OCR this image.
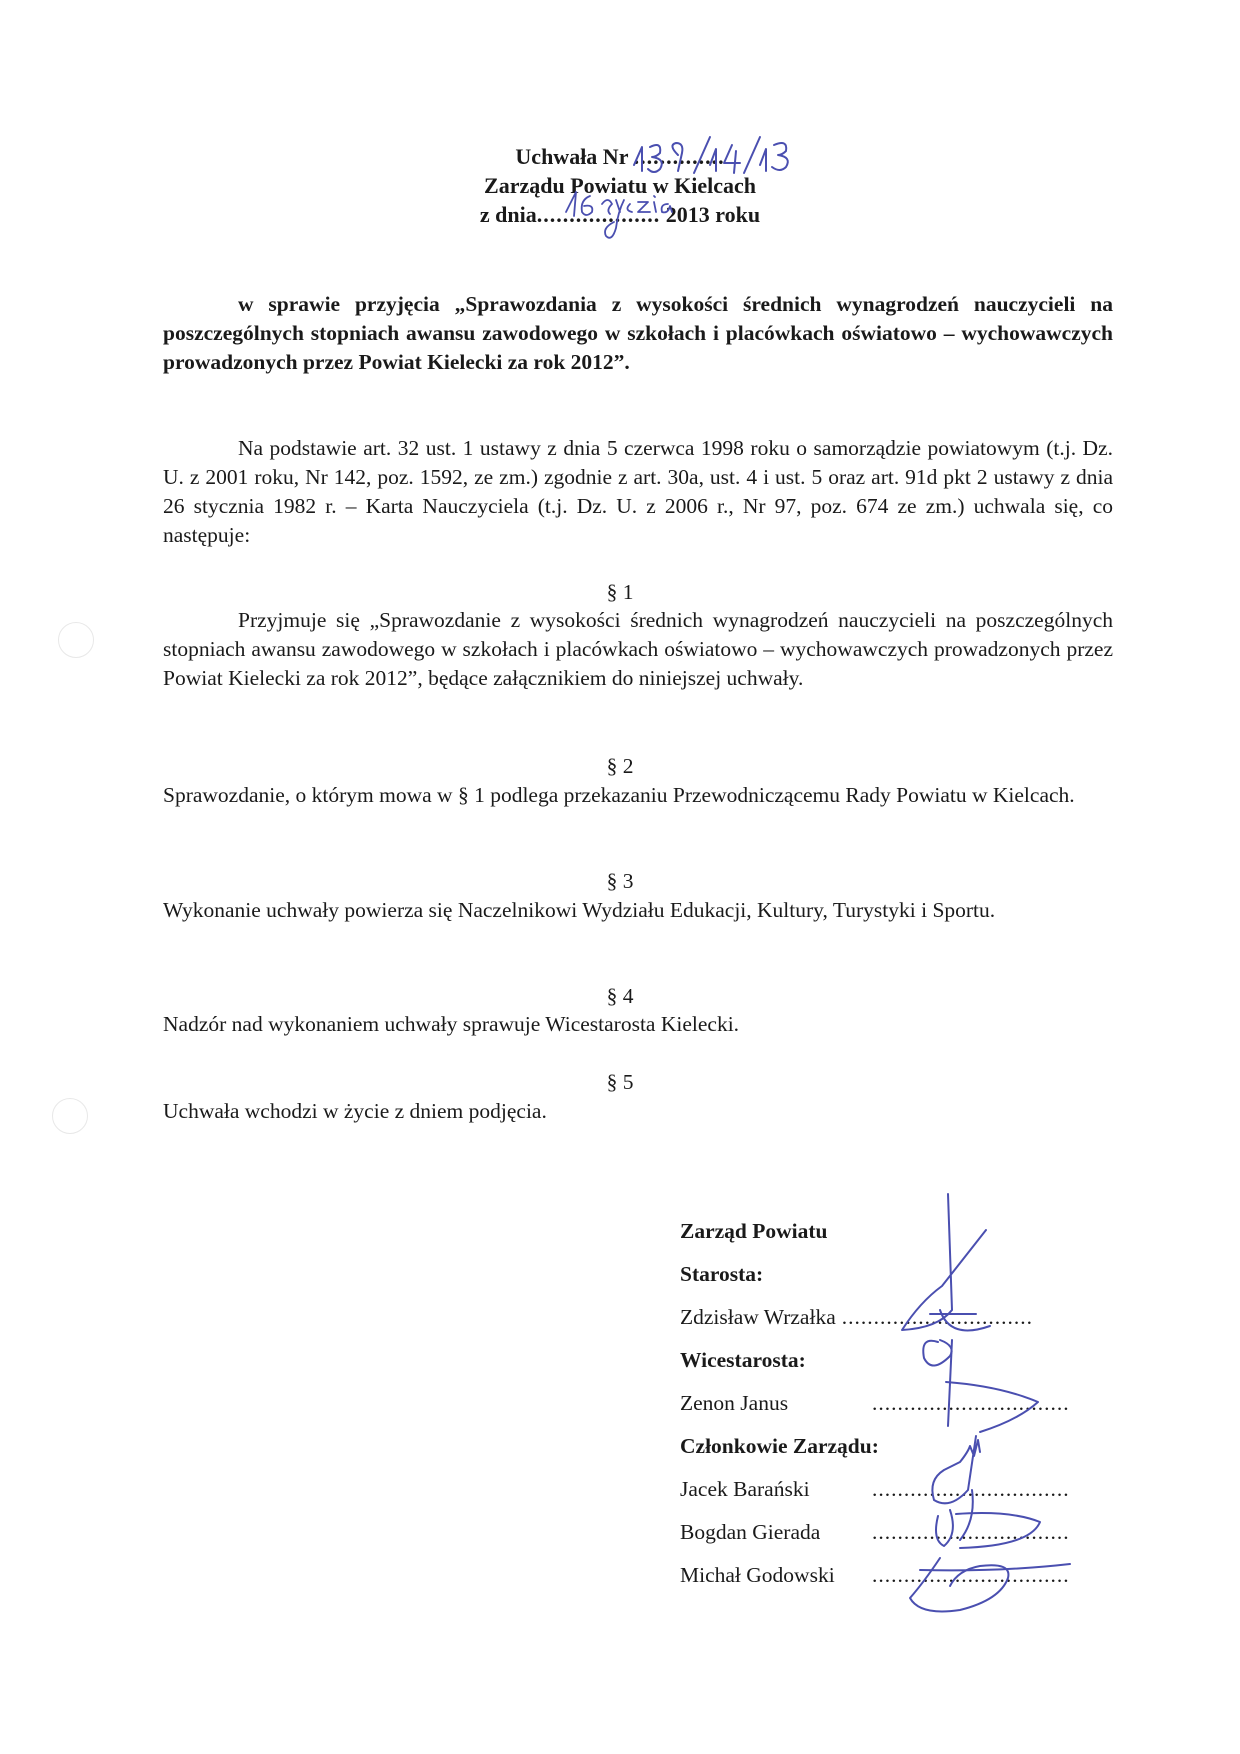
Uchwała Nr ..............
Zarządu Powiatu w Kielcach
z dnia................... 2013 roku
w sprawie przyjęcia „Sprawozdania z wysokości średnich wynagrodzeń nauczycieli na poszczególnych stopniach awansu zawodowego w szkołach i placówkach oświatowo – wychowawczych prowadzonych przez Powiat Kielecki za rok 2012”.
Na podstawie art. 32 ust. 1 ustawy z dnia 5 czerwca 1998 roku o samorządzie powiatowym (t.j. Dz. U. z 2001 roku, Nr 142, poz. 1592, ze zm.) zgodnie z art. 30a, ust. 4 i ust. 5 oraz art. 91d pkt 2 ustawy z dnia 26 stycznia 1982 r. – Karta Nauczyciela (t.j. Dz. U. z 2006 r., Nr 97, poz. 674 ze zm.) uchwala się, co następuje:
§ 1
Przyjmuje się „Sprawozdanie z wysokości średnich wynagrodzeń nauczycieli na poszczególnych stopniach awansu zawodowego w szkołach i placówkach oświatowo – wychowawczych prowadzonych przez Powiat Kielecki za rok 2012”, będące załącznikiem do niniejszej uchwały.
§ 2
Sprawozdanie, o którym mowa w § 1 podlega przekazaniu Przewodniczącemu Rady Powiatu w Kielcach.
§ 3
Wykonanie uchwały powierza się Naczelnikowi Wydziału Edukacji, Kultury, Turystyki i Sportu.
§ 4
Nadzór nad wykonaniem uchwały sprawuje Wicestarosta Kielecki.
§ 5
Uchwała wchodzi w życie z dniem podjęcia.
Zarząd Powiatu
Starosta:
Zdzisław Wrzałka ..............................
Wicestarosta:
Zenon Janus	...............................
Członkowie Zarządu:
Jacek Barański	...............................
Bogdan Gierada	...............................
Michał Godowski	...............................
